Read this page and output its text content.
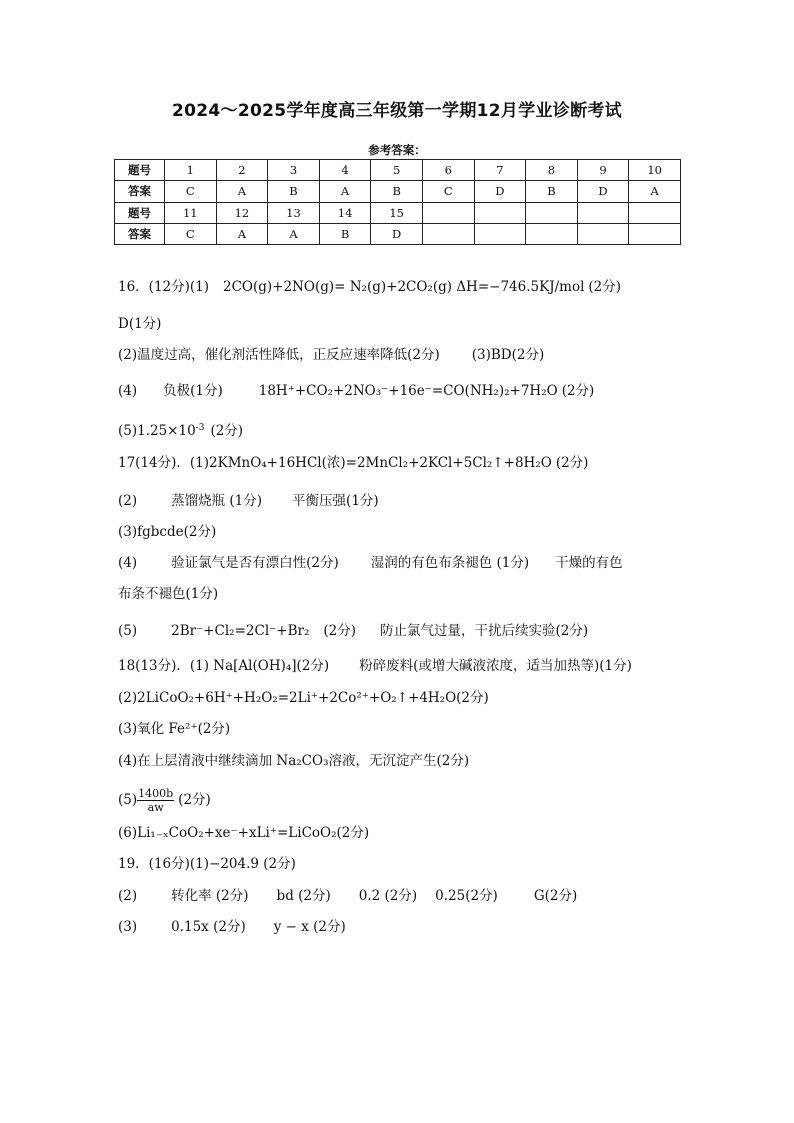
2024～2025学年度高三年级第一学期12月学业诊断考试
参考答案：
题号	1	2	3	4	5	6	7	8	9	10
答案	C	A	B	A	B	C	D	B	D	A
题号	11	12	13	14	15					
答案	C	A	A	B	D					
16．(12分)(1) 2CO(g)+2NO(g)= N₂(g)+2CO₂(g) ΔH=−746.5KJ/mol (2分)
D(1分)
(2)温度过高，催化剂活性降低，正反应速率降低(2分) (3)BD(2分)
(4) 负极(1分)	18H⁺+CO₂+2NO₃⁻+16e⁻=CO(NH₂)₂+7H₂O (2分)
$(5)1.25\times 10^{-3}$ (2分)
17(14分)．(1)2KMnO₄+16HCl(浓)=2MnCl₂+2KCl+5Cl₂↑+8H₂O (2分)
(2)	蒸馏烧瓶 (1分) 平衡压强(1分)
(3)fgbcde(2分)
(4)	验证氯气是否有漂白性(2分) 湿润的有色布条褪色 (1分) 干燥的有色
布条不褪色(1分)
(5)	2Br⁻+Cl₂=2Cl⁻+Br₂ (2分) 防止氯气过量，干扰后续实验(2分)
18(13分)．(1) Na[Al(OH)₄](2分) 粉碎废料(或增大碱液浓度，适当加热等)(1分)
(2)2LiCoO₂+6H⁺+H₂O₂=2Li⁺+2Co²⁺+O₂↑+4H₂O(2分)
(3)氧化 Fe²⁺(2分)
(4)在上层清液中继续滴加 Na₂CO₃溶液，无沉淀产生(2分)
$(5) \frac{1400b}{aw} (2$分)
(6)Li₁₋ₓCoO₂+xe⁻+xLi⁺=LiCoO₂(2分)
19．(16分)(1)−204.9 (2分)
(2)	转化率 (2分) bd (2分) 0.2 (2分) 0.25(2分)	G(2分)
(3)	0.15x (2分) y − x (2分)
